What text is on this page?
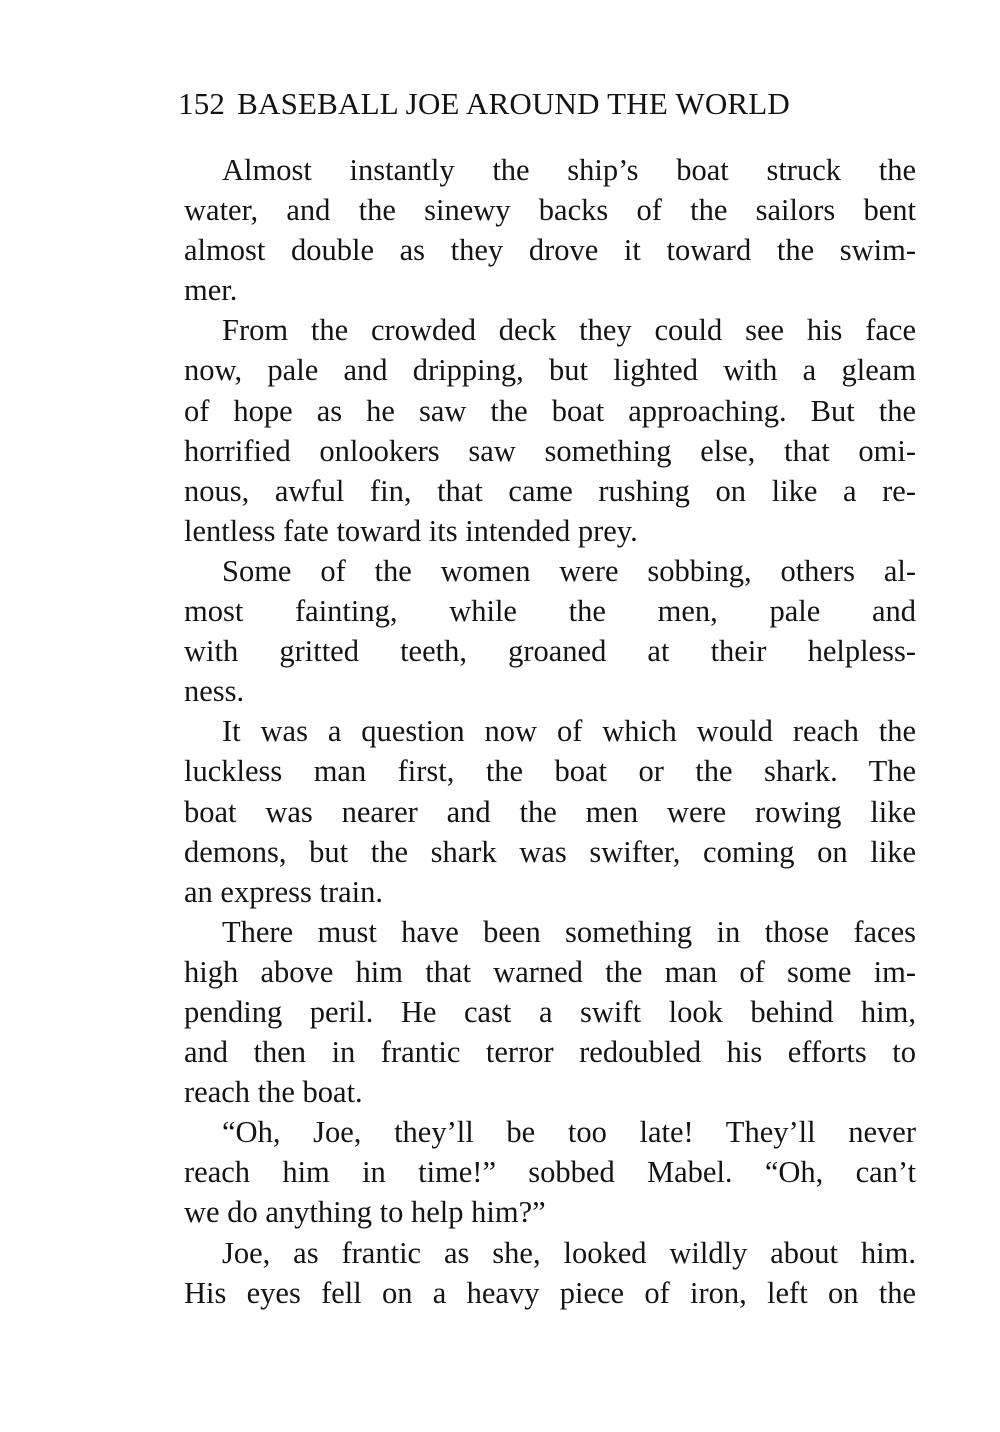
152 BASEBALL JOE AROUND THE WORLD
Almost instantly the ship’s boat struck the
water, and the sinewy backs of the sailors bent
almost double as they drove it toward the swim-
mer.
From the crowded deck they could see his face
now, pale and dripping, but lighted with a gleam
of hope as he saw the boat approaching. But the
horrified onlookers saw something else, that omi-
nous, awful fin, that came rushing on like a re-
lentless fate toward its intended prey.
Some of the women were sobbing, others al-
most fainting, while the men, pale and
with gritted teeth, groaned at their helpless-
ness.
It was a question now of which would reach the
luckless man first, the boat or the shark. The
boat was nearer and the men were rowing like
demons, but the shark was swifter, coming on like
an express train.
There must have been something in those faces
high above him that warned the man of some im-
pending peril. He cast a swift look behind him,
and then in frantic terror redoubled his efforts to
reach the boat.
“Oh, Joe, they’ll be too late! They’ll never
reach him in time!” sobbed Mabel. “Oh, can’t
we do anything to help him?”
Joe, as frantic as she, looked wildly about him.
His eyes fell on a heavy piece of iron, left on the
